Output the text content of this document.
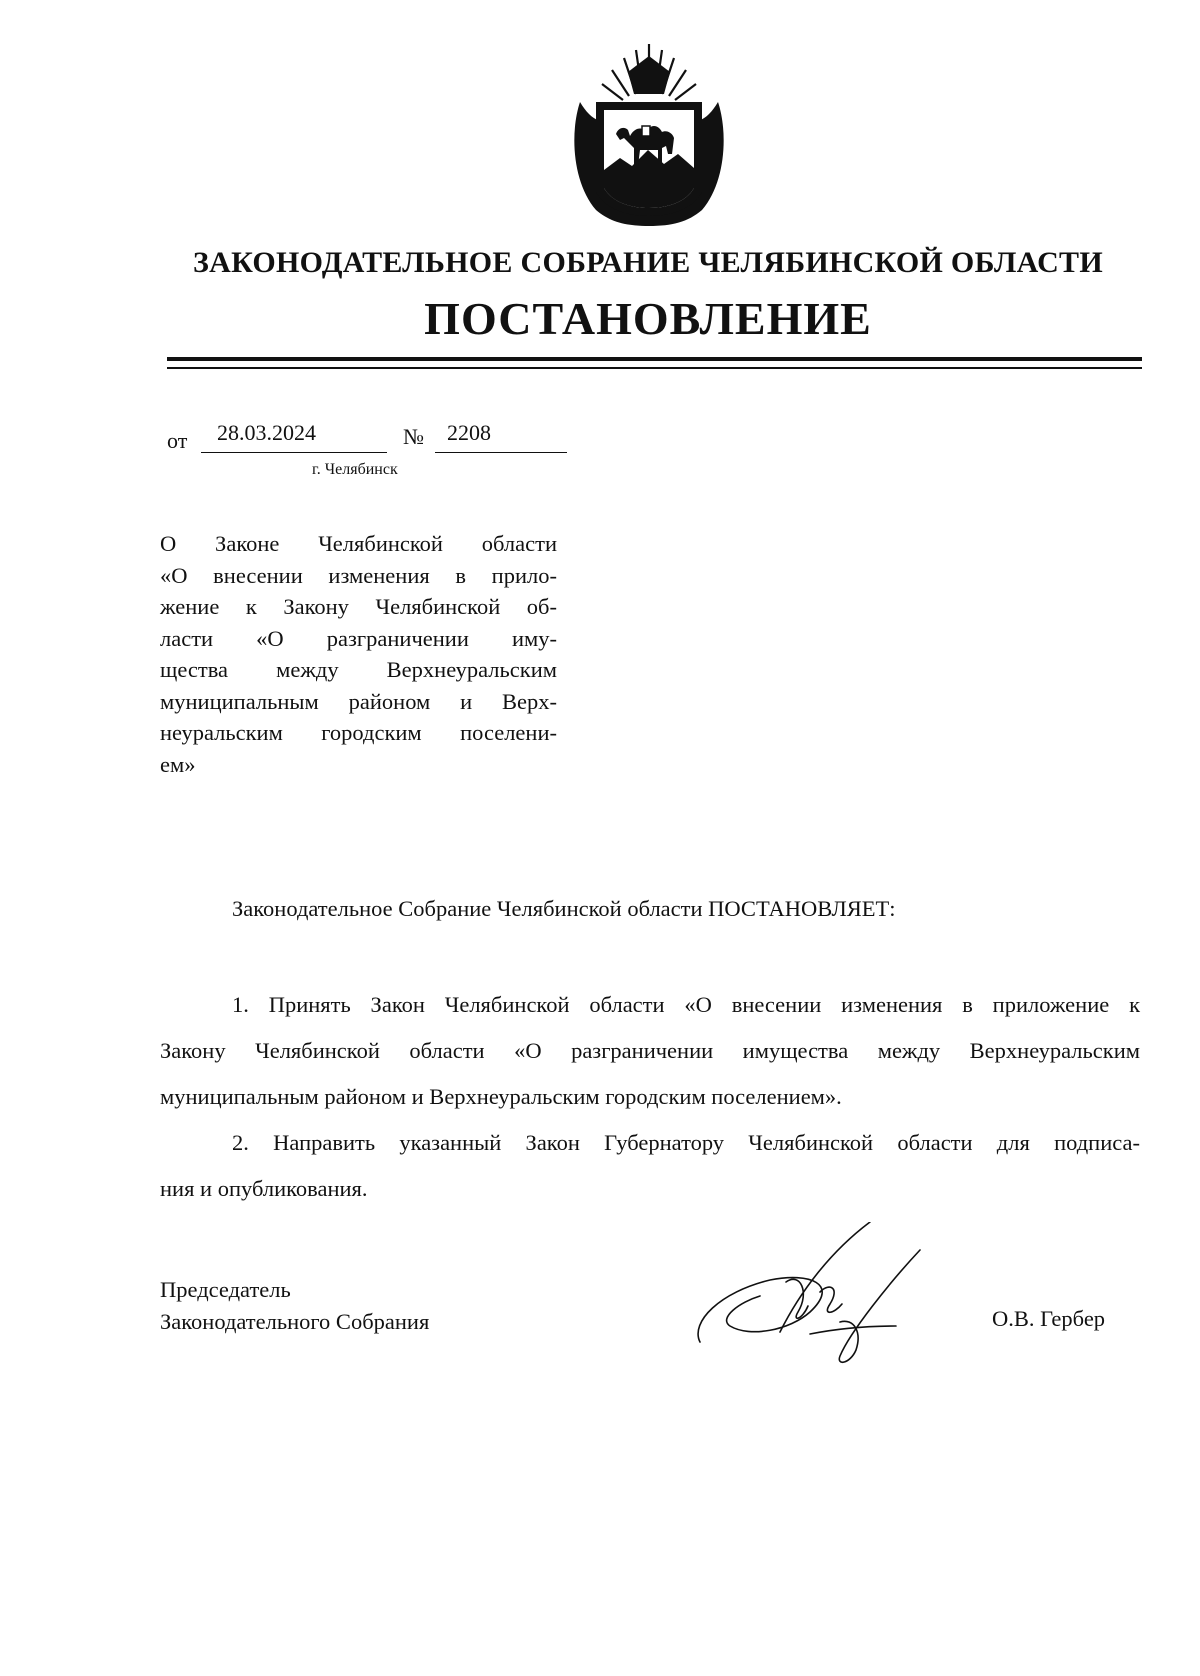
ЗАКОНОДАТЕЛЬНОЕ СОБРАНИЕ ЧЕЛЯБИНСКОЙ ОБЛАСТИ
ПОСТАНОВЛЕНИЕ
от 28.03.2024	№ 2208
г. Челябинск
О Законе Челябинской области
«О внесении изменения в прило-
жение к Закону Челябинской об-
ласти «О разграничении иму-
щества между Верхнеуральским
муниципальным районом и Верх-
неуральским городским поселени-
ем»
Законодательное Собрание Челябинской области ПОСТАНОВЛЯЕТ:
1. Принять Закон Челябинской области «О внесении изменения в приложение к
Закону Челябинской области «О разграничении имущества между Верхнеуральским
муниципальным районом и Верхнеуральским городским поселением».
2. Направить указанный Закон Губернатору Челябинской области для подписа-
ния и опубликования.
Председатель
Законодательного Собрания	О.В. Гербер
